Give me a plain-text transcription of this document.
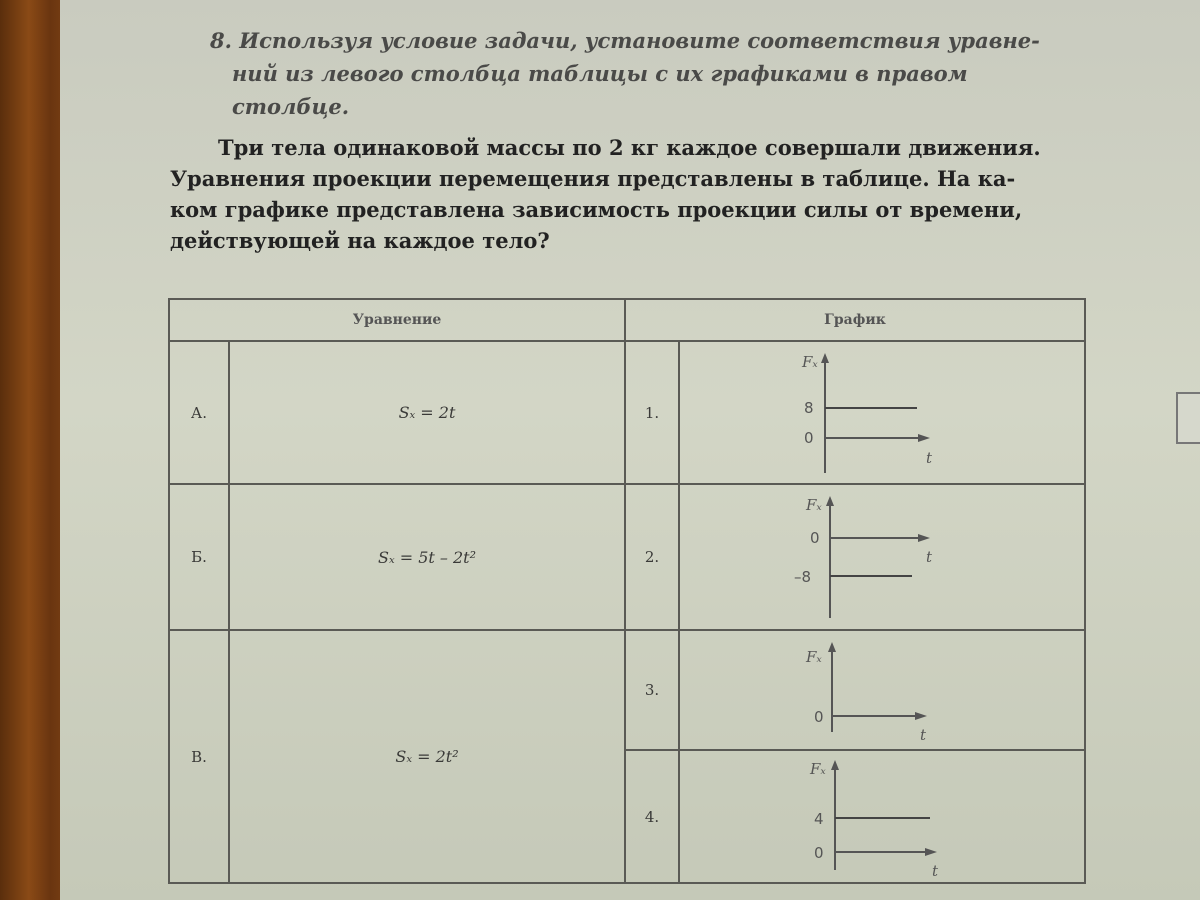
8. Используя условие задачи, установите соответствия уравне-
ний из левого столбца таблицы с их графиками в правом столбце.
Три тела одинаковой массы по 2 кг каждое совершали движения.
Уравнения проекции перемещения представлены в таблице. На ка-
ком графике представлена зависимость проекции силы от времени,
действующей на каждое тело?
Уравнение		График	
А.	Sₓ = 2t	1.	Fₓ
t
8
0

Б.	Sₓ = 5t – 2t²	2.	Fₓ
t
0
–8

В.	Sₓ = 2t²	3.	Fₓ
t
0

		4.	Fₓ
t
4
0
